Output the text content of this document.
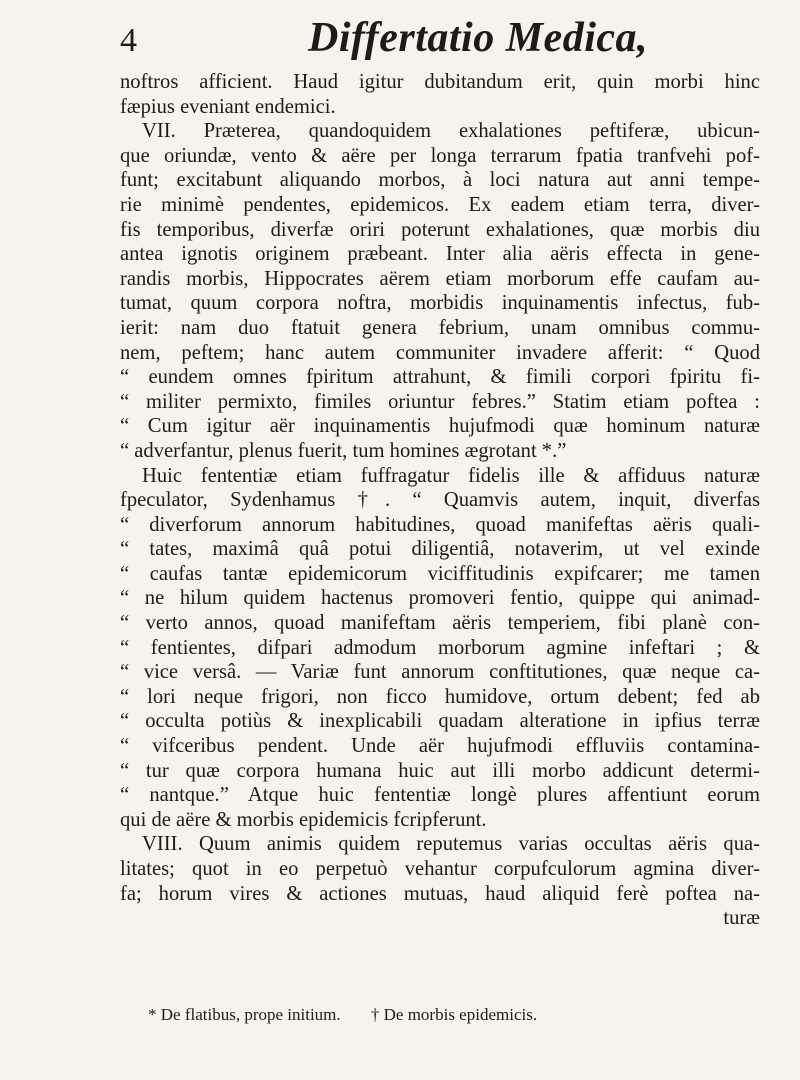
4	Differtatio Medica,
noftros afficient. Haud igitur dubitandum erit, quin morbi hinc
fæpius eveniant endemici.
VII. Præterea, quandoquidem exhalationes peftiferæ, ubicun-
que oriundæ, vento & aëre per longa terrarum fpatia tranfvehi pof-
funt; excitabunt aliquando morbos, à loci natura aut anni tempe-
rie minimè pendentes, epidemicos. Ex eadem etiam terra, diver-
fis temporibus, diverfæ oriri poterunt exhalationes, quæ morbis diu
antea ignotis originem præbeant. Inter alia aëris effecta in gene-
randis morbis, Hippocrates aërem etiam morborum effe caufam au-
tumat, quum corpora noftra, morbidis inquinamentis infectus, fub-
ierit: nam duo ftatuit genera febrium, unam omnibus commu-
nem, peftem; hanc autem communiter invadere afferit: “ Quod
“ eundem omnes fpiritum attrahunt, & fimili corpori fpiritu fi-
“ militer permixto, fimiles oriuntur febres.” Statim etiam poftea :
“ Cum igitur aër inquinamentis hujufmodi quæ hominum naturæ
“ adverfantur, plenus fuerit, tum homines ægrotant *.”
Huic fententiæ etiam fuffragatur fidelis ille & affiduus naturæ
fpeculator, Sydenhamus †. “ Quamvis autem, inquit, diverfas
“ diverforum annorum habitudines, quoad manifeftas aëris quali-
“ tates, maximâ quâ potui diligentiâ, notaverim, ut vel exinde
“ caufas tantæ epidemicorum viciffitudinis expifcarer; me tamen
“ ne hilum quidem hactenus promoveri fentio, quippe qui animad-
“ verto annos, quoad manifeftam aëris temperiem, fibi planè con-
“ fentientes, difpari admodum morborum agmine infeftari ; &
“ vice versâ. — Variæ funt annorum conftitutiones, quæ neque ca-
“ lori neque frigori, non ficco humidove, ortum debent; fed ab
“ occulta potiùs & inexplicabili quadam alteratione in ipfius terræ
“ vifceribus pendent. Unde aër hujufmodi effluviis contamina-
“ tur quæ corpora humana huic aut illi morbo addicunt determi-
“ nantque.” Atque huic fententiæ longè plures affentiunt eorum
qui de aëre & morbis epidemicis fcripferunt.
VIII. Quum animis quidem reputemus varias occultas aëris qua-
litates; quot in eo perpetuò vehantur corpufculorum agmina diver-
fa; horum vires & actiones mutuas, haud aliquid ferè poftea na-
turæ
* De flatibus, prope initium. † De morbis epidemicis.
